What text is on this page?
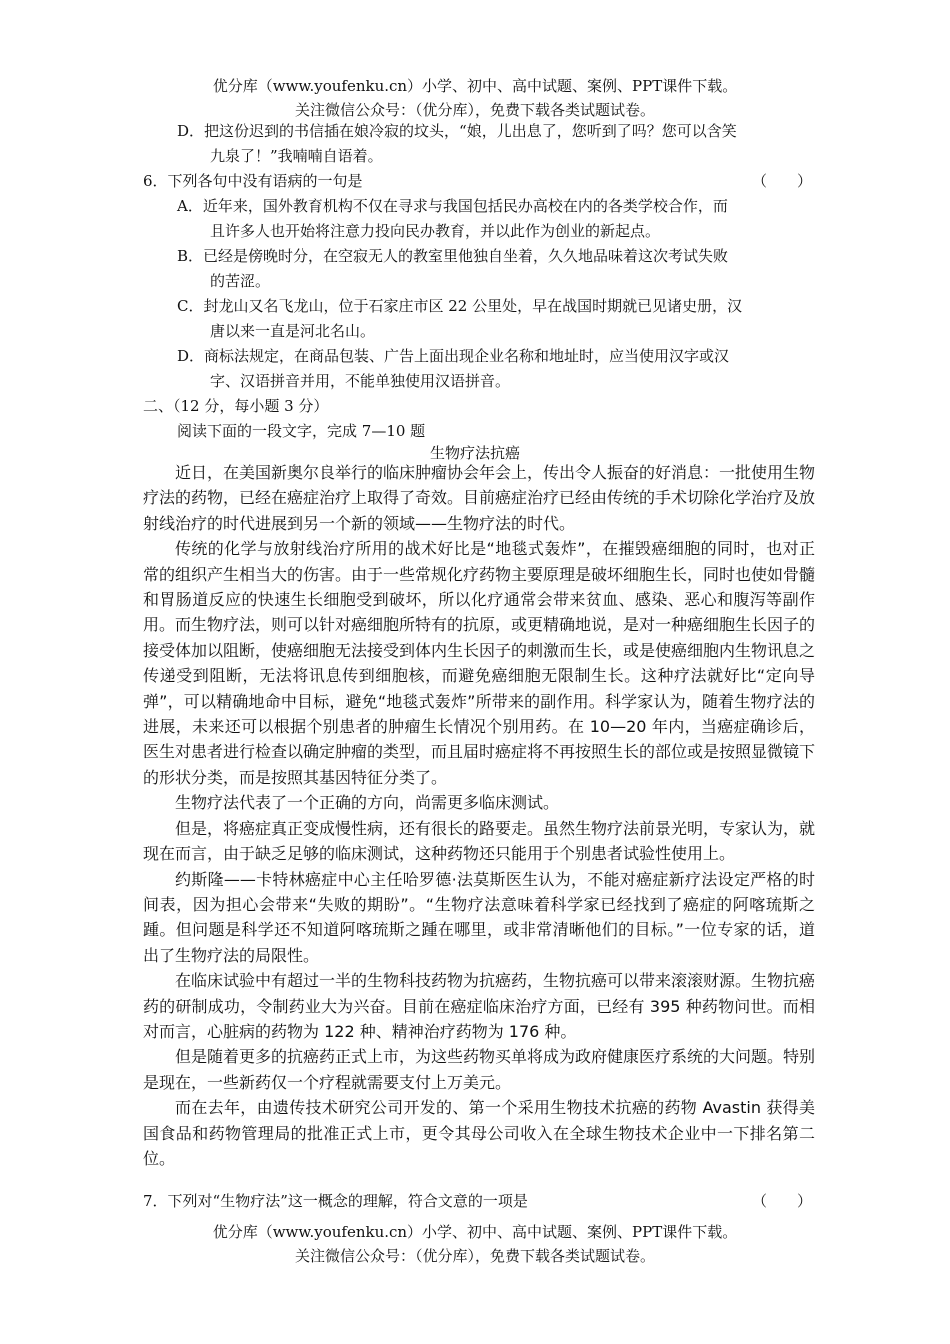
优分库（www.youfenku.cn）小学、初中、高中试题、案例、PPT课件下载。
关注微信公众号：（优分库），免费下载各类试题试卷。
D．把这份迟到的书信插在娘冷寂的坟头，“娘，儿出息了，您听到了吗？您可以含笑
九泉了！”我喃喃自语着。
6．下列各句中没有语病的一句是	（　　）
A．近年来，国外教育机构不仅在寻求与我国包括民办高校在内的各类学校合作，而
且许多人也开始将注意力投向民办教育，并以此作为创业的新起点。
B．已经是傍晚时分，在空寂无人的教室里他独自坐着，久久地品味着这次考试失败
的苦涩。
C．封龙山又名飞龙山，位于石家庄市区 22 公里处，早在战国时期就已见诸史册，汉
唐以来一直是河北名山。
D．商标法规定，在商品包装、广告上面出现企业名称和地址时，应当使用汉字或汉
字、汉语拼音并用，不能单独使用汉语拼音。
二、（12 分，每小题 3 分）
阅读下面的一段文字，完成 7—10 题
生物疗法抗癌

近日，在美国新奥尔良举行的临床肿瘤协会年会上，传出令人振奋的好消息：一批使用生物疗法的药物，已经在癌症治疗上取得了奇效。目前癌症治疗已经由传统的手术切除化学治疗及放射线治疗的时代进展到另一个新的领域——生物疗法的时代。

传统的化学与放射线治疗所用的战术好比是“地毯式轰炸”，在摧毁癌细胞的同时，也对正常的组织产生相当大的伤害。由于一些常规化疗药物主要原理是破坏细胞生长，同时也使如骨髓和胃肠道反应的快速生长细胞受到破坏，所以化疗通常会带来贫血、感染、恶心和腹泻等副作用。而生物疗法，则可以针对癌细胞所特有的抗原，或更精确地说，是对一种癌细胞生长因子的接受体加以阻断，使癌细胞无法接受到体内生长因子的刺激而生长，或是使癌细胞内生物讯息之传递受到阻断，无法将讯息传到细胞核，而避免癌细胞无限制生长。这种疗法就好比“定向导弹”，可以精确地命中目标，避免“地毯式轰炸”所带来的副作用。科学家认为，随着生物疗法的进展，未来还可以根据个别患者的肿瘤生长情况个别用药。在 10—20 年内，当癌症确诊后，医生对患者进行检查以确定肿瘤的类型，而且届时癌症将不再按照生长的部位或是按照显微镜下的形状分类，而是按照其基因特征分类了。

生物疗法代表了一个正确的方向，尚需更多临床测试。

但是，将癌症真正变成慢性病，还有很长的路要走。虽然生物疗法前景光明，专家认为，就现在而言，由于缺乏足够的临床测试，这种药物还只能用于个别患者试验性使用上。

约斯隆——卡特林癌症中心主任哈罗德·法莫斯医生认为，不能对癌症新疗法设定严格的时间表，因为担心会带来“失败的期盼”。“生物疗法意味着科学家已经找到了癌症的阿喀琉斯之踵。但问题是科学还不知道阿喀琉斯之踵在哪里，或非常清晰他们的目标。”一位专家的话，道出了生物疗法的局限性。

在临床试验中有超过一半的生物科技药物为抗癌药，生物抗癌可以带来滚滚财源。生物抗癌药的研制成功，令制药业大为兴奋。目前在癌症临床治疗方面，已经有 395 种药物问世。而相对而言，心脏病的药物为 122 种、精神治疗药物为 176 种。

但是随着更多的抗癌药正式上市，为这些药物买单将成为政府健康医疗系统的大问题。特别是现在，一些新药仅一个疗程就需要支付上万美元。

而在去年，由遗传技术研究公司开发的、第一个采用生物技术抗癌的药物 Avastin 获得美国食品和药物管理局的批准正式上市，更令其母公司收入在全球生物技术企业中一下排名第二位。

7．下列对“生物疗法”这一概念的理解，符合文意的一项是	（　　）
优分库（www.youfenku.cn）小学、初中、高中试题、案例、PPT课件下载。
关注微信公众号：（优分库），免费下载各类试题试卷。
